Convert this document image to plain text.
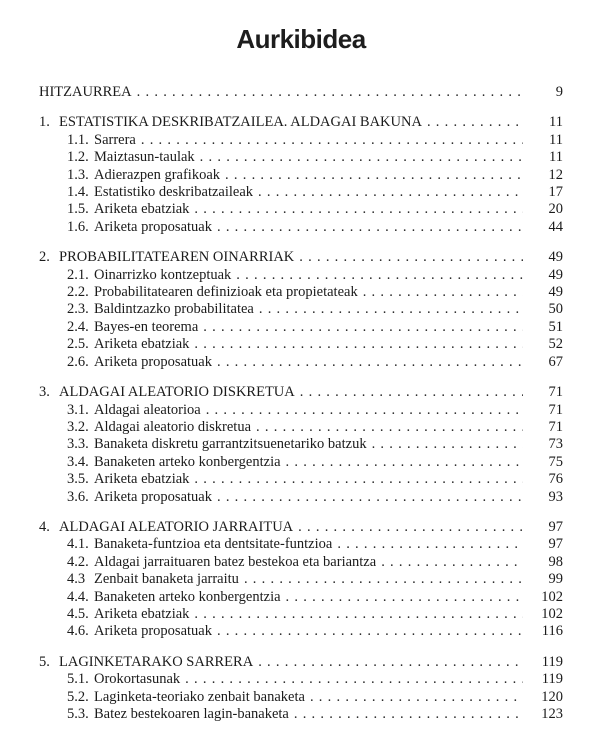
Aurkibidea
HITZAURREA . . .	9
1. ESTATISTIKA DESKRIBATZAILEA. ALDAGAI BAKUNA . . .	11
1.1. Sarrera . . .	11
1.2. Maiztasun-taulak . . .	11
1.3. Adierazpen grafikoak . . .	12
1.4. Estatistiko deskribatzaileak . . .	17
1.5. Ariketa ebatziak . . .	20
1.6. Ariketa proposatuak . . .	44
2. PROBABILITATEAREN OINARRIAK . . .	49
2.1. Oinarrizko kontzeptuak . . .	49
2.2. Probabilitatearen definizioak eta propietateak . . .	49
2.3. Baldintzazko probabilitatea . . .	50
2.4. Bayes-en teorema . . .	51
2.5. Ariketa ebatziak . . .	52
2.6. Ariketa proposatuak . . .	67
3. ALDAGAI ALEATORIO DISKRETUA . . .	71
3.1. Aldagai aleatorioa . . .	71
3.2. Aldagai aleatorio diskretua . . .	71
3.3. Banaketa diskretu garrantzitsuenetariko batzuk . . .	73
3.4. Banaketen arteko konbergentzia . . .	75
3.5. Ariketa ebatziak . . .	76
3.6. Ariketa proposatuak . . .	93
4. ALDAGAI ALEATORIO JARRAITUA . . .	97
4.1. Banaketa-funtzioa eta dentsitate-funtzioa . . .	97
4.2. Aldagai jarraituaren batez bestekoa eta bariantza . . .	98
4.3 Zenbait banaketa jarraitu . . .	99
4.4. Banaketen arteko konbergentzia . . .	102
4.5. Ariketa ebatziak . . .	102
4.6. Ariketa proposatuak . . .	116
5. LAGINKETARAKO SARRERA . . .	119
5.1. Orokortasunak . . .	119
5.2. Laginketa-teoriako zenbait banaketa . . .	120
5.3. Batez bestekoaren lagin-banaketa . . .	123
